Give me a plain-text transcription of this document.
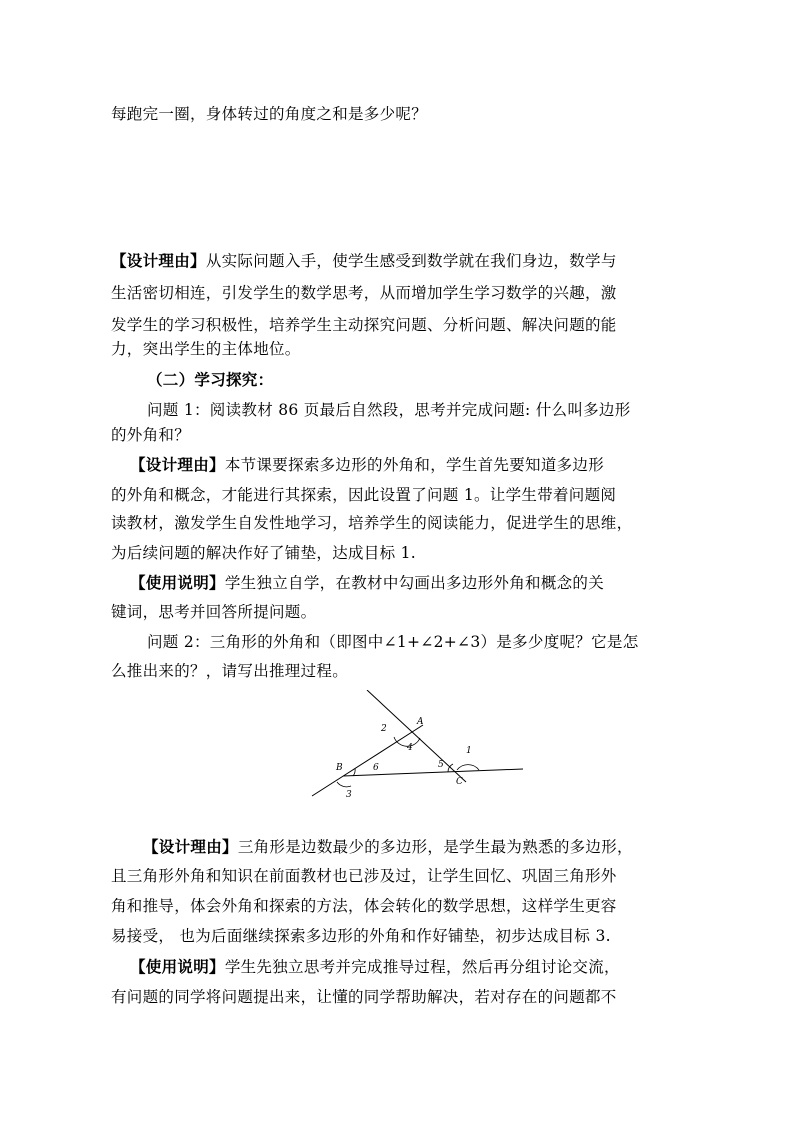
每跑完一圈，身体转过的角度之和是多少呢？
【设计理由】从实际问题入手，使学生感受到数学就在我们身边，数学与
生活密切相连，引发学生的数学思考，从而增加学生学习数学的兴趣，激
发学生的学习积极性，培养学生主动探究问题、分析问题、解决问题的能
力，突出学生的主体地位。
（二）学习探究：
问题 1：阅读教材 86 页最后自然段，思考并完成问题: 什么叫多边形
的外角和？
【设计理由】本节课要探索多边形的外角和，学生首先要知道多边形
的外角和概念，才能进行其探索，因此设置了问题 1。让学生带着问题阅
读教材，激发学生自发性地学习，培养学生的阅读能力，促进学生的思维，
为后续问题的解决作好了铺垫，达成目标 1.
【使用说明】学生独立自学，在教材中勾画出多边形外角和概念的关
键词，思考并回答所提问题。
问题 2：三角形的外角和（即图中∠1+∠2+∠3）是多少度呢？它是怎
么推出来的？，请写出推理过程。
A
B
C
1
2
3
4
5
6
【设计理由】三角形是边数最少的多边形，是学生最为熟悉的多边形，
且三角形外角和知识在前面教材也已涉及过，让学生回忆、巩固三角形外
角和推导，体会外角和探索的方法，体会转化的数学思想，这样学生更容
易接受， 也为后面继续探索多边形的外角和作好铺垫，初步达成目标 3.
【使用说明】学生先独立思考并完成推导过程，然后再分组讨论交流，
有问题的同学将问题提出来，让懂的同学帮助解决，若对存在的问题都不
